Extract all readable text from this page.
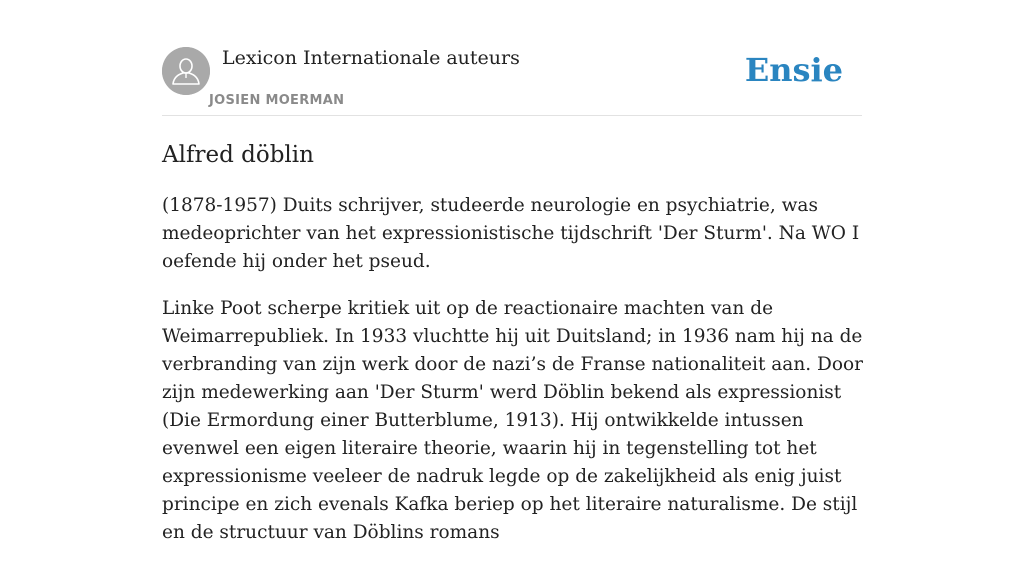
Lexicon Internationale auteurs
JOSIEN MOERMAN
Ensie
Alfred döblin

(1878-1957) Duits schrijver, studeerde neurologie en psychiatrie, was medeoprichter van het expressionistische tijdschrift 'Der Sturm'. Na WO I oefende hij onder het pseud.

Linke Poot scherpe kritiek uit op de reactionaire machten van de Weimarrepubliek. In 1933 vluchtte hij uit Duitsland; in 1936 nam hij na de verbranding van zijn werk door de nazi’s de Franse nationaliteit aan. Door zijn medewerking aan 'Der Sturm' werd Döblin bekend als expressionist (Die Ermordung einer Butterblume, 1913). Hij ontwikkelde intussen evenwel een eigen literaire theorie, waarin hij in tegenstelling tot het expressionisme veeleer de nadruk legde op de zakelijkheid als enig juist principe en zich evenals Kafka beriep op het literaire naturalisme. De stijl en de structuur van Döblins romans
